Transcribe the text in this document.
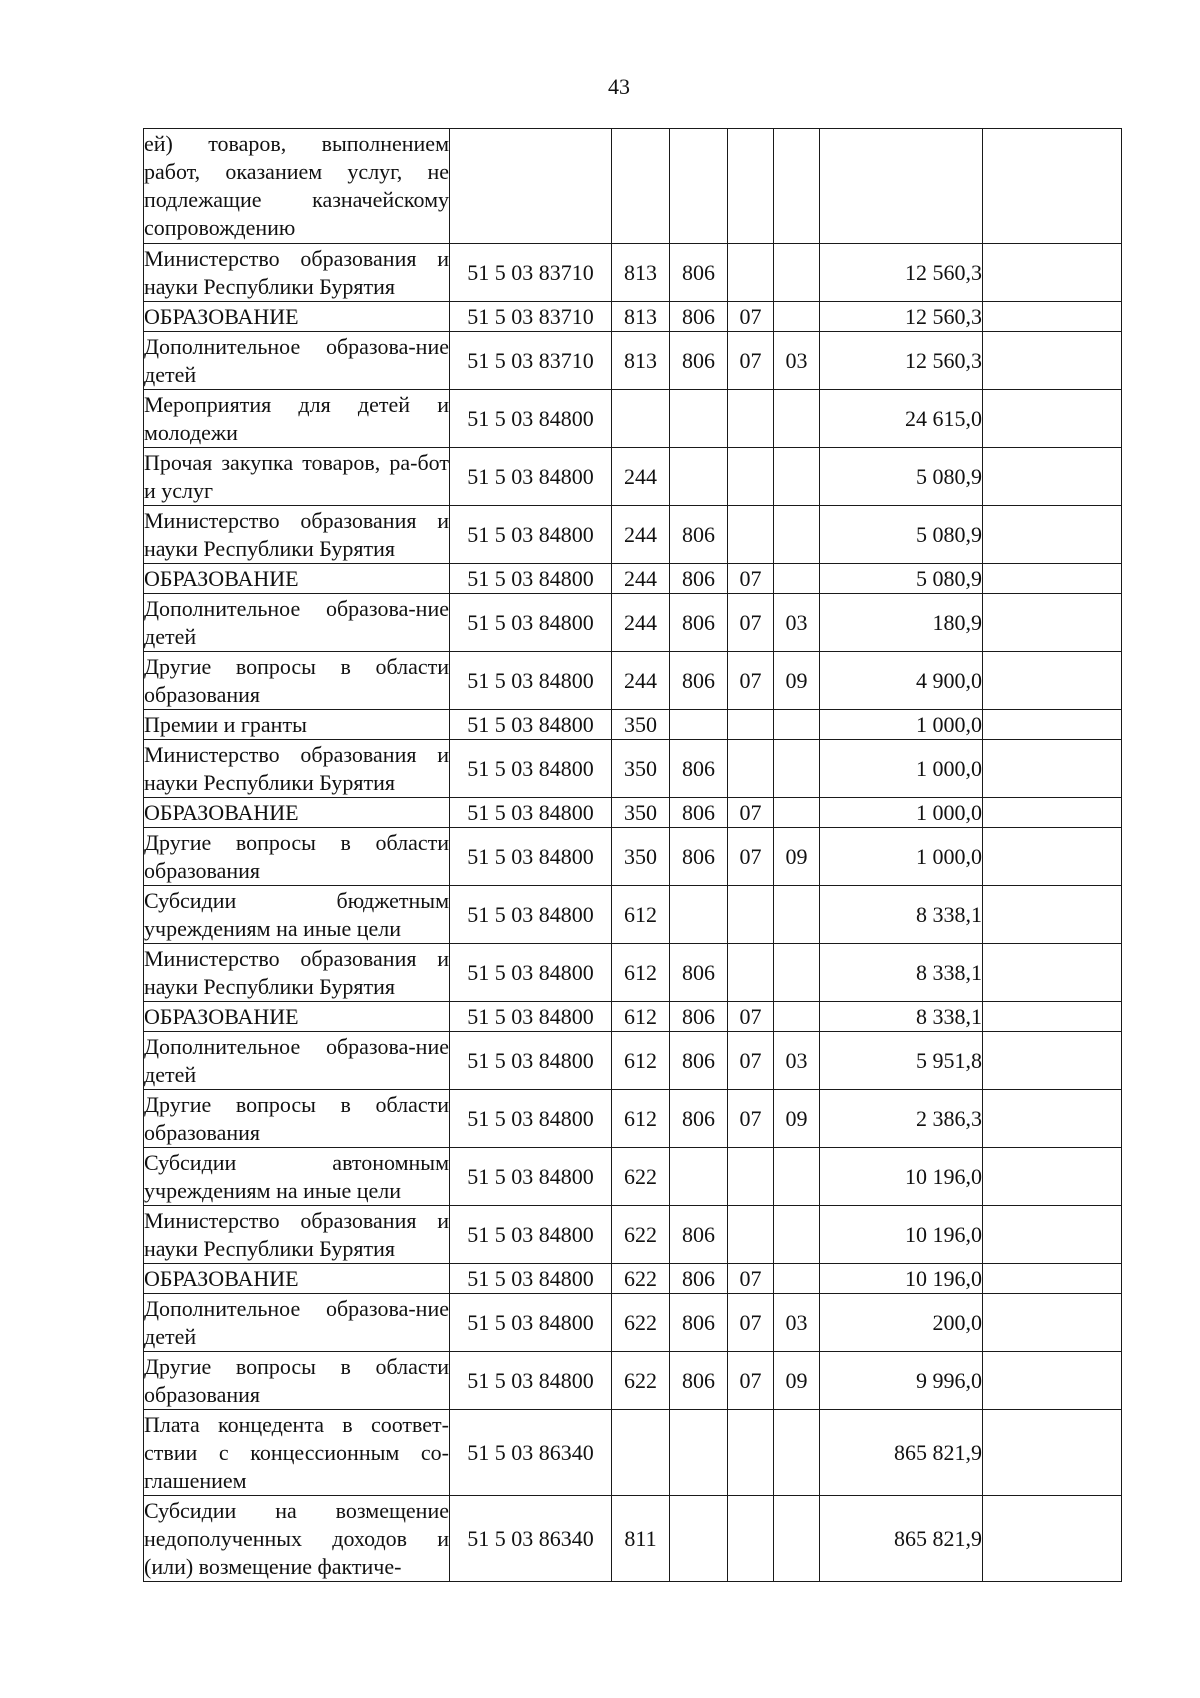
43
ей) товаров, выполнением работ, оказанием услуг, не подлежащие казначейскому сопровождению							

Министерство образования и науки Республики Бурятия	51 5 03 83710	813	806			12 560,3	

ОБРАЗОВАНИЕ	51 5 03 83710	813	806	07		12 560,3	

Дополнительное образова-ние детей	51 5 03 83710	813	806	07	03	12 560,3	

Мероприятия для детей и молодежи	51 5 03 84800					24 615,0	

Прочая закупка товаров, ра-бот и услуг	51 5 03 84800	244				5 080,9	

Министерство образования и науки Республики Бурятия	51 5 03 84800	244	806			5 080,9	

ОБРАЗОВАНИЕ	51 5 03 84800	244	806	07		5 080,9	

Дополнительное образова-ние детей	51 5 03 84800	244	806	07	03	180,9	

Другие вопросы в области образования	51 5 03 84800	244	806	07	09	4 900,0	

Премии и гранты	51 5 03 84800	350				1 000,0	

Министерство образования и науки Республики Бурятия	51 5 03 84800	350	806			1 000,0	

ОБРАЗОВАНИЕ	51 5 03 84800	350	806	07		1 000,0	

Другие вопросы в области образования	51 5 03 84800	350	806	07	09	1 000,0	

Субсидии бюджетным учреждениям на иные цели	51 5 03 84800	612				8 338,1	

Министерство образования и науки Республики Бурятия	51 5 03 84800	612	806			8 338,1	

ОБРАЗОВАНИЕ	51 5 03 84800	612	806	07		8 338,1	

Дополнительное образова-ние детей	51 5 03 84800	612	806	07	03	5 951,8	

Другие вопросы в области образования	51 5 03 84800	612	806	07	09	2 386,3	

Субсидии автономным учреждениям на иные цели	51 5 03 84800	622				10 196,0	

Министерство образования и науки Республики Бурятия	51 5 03 84800	622	806			10 196,0	

ОБРАЗОВАНИЕ	51 5 03 84800	622	806	07		10 196,0	

Дополнительное образова-ние детей	51 5 03 84800	622	806	07	03	200,0	

Другие вопросы в области образования	51 5 03 84800	622	806	07	09	9 996,0	

Плата концедента в соответ-ствии с концессионным со-глашением	51 5 03 86340					865 821,9	

Субсидии на возмещение недополученных доходов и (или) возмещение фактиче-	51 5 03 86340	811				865 821,9	
